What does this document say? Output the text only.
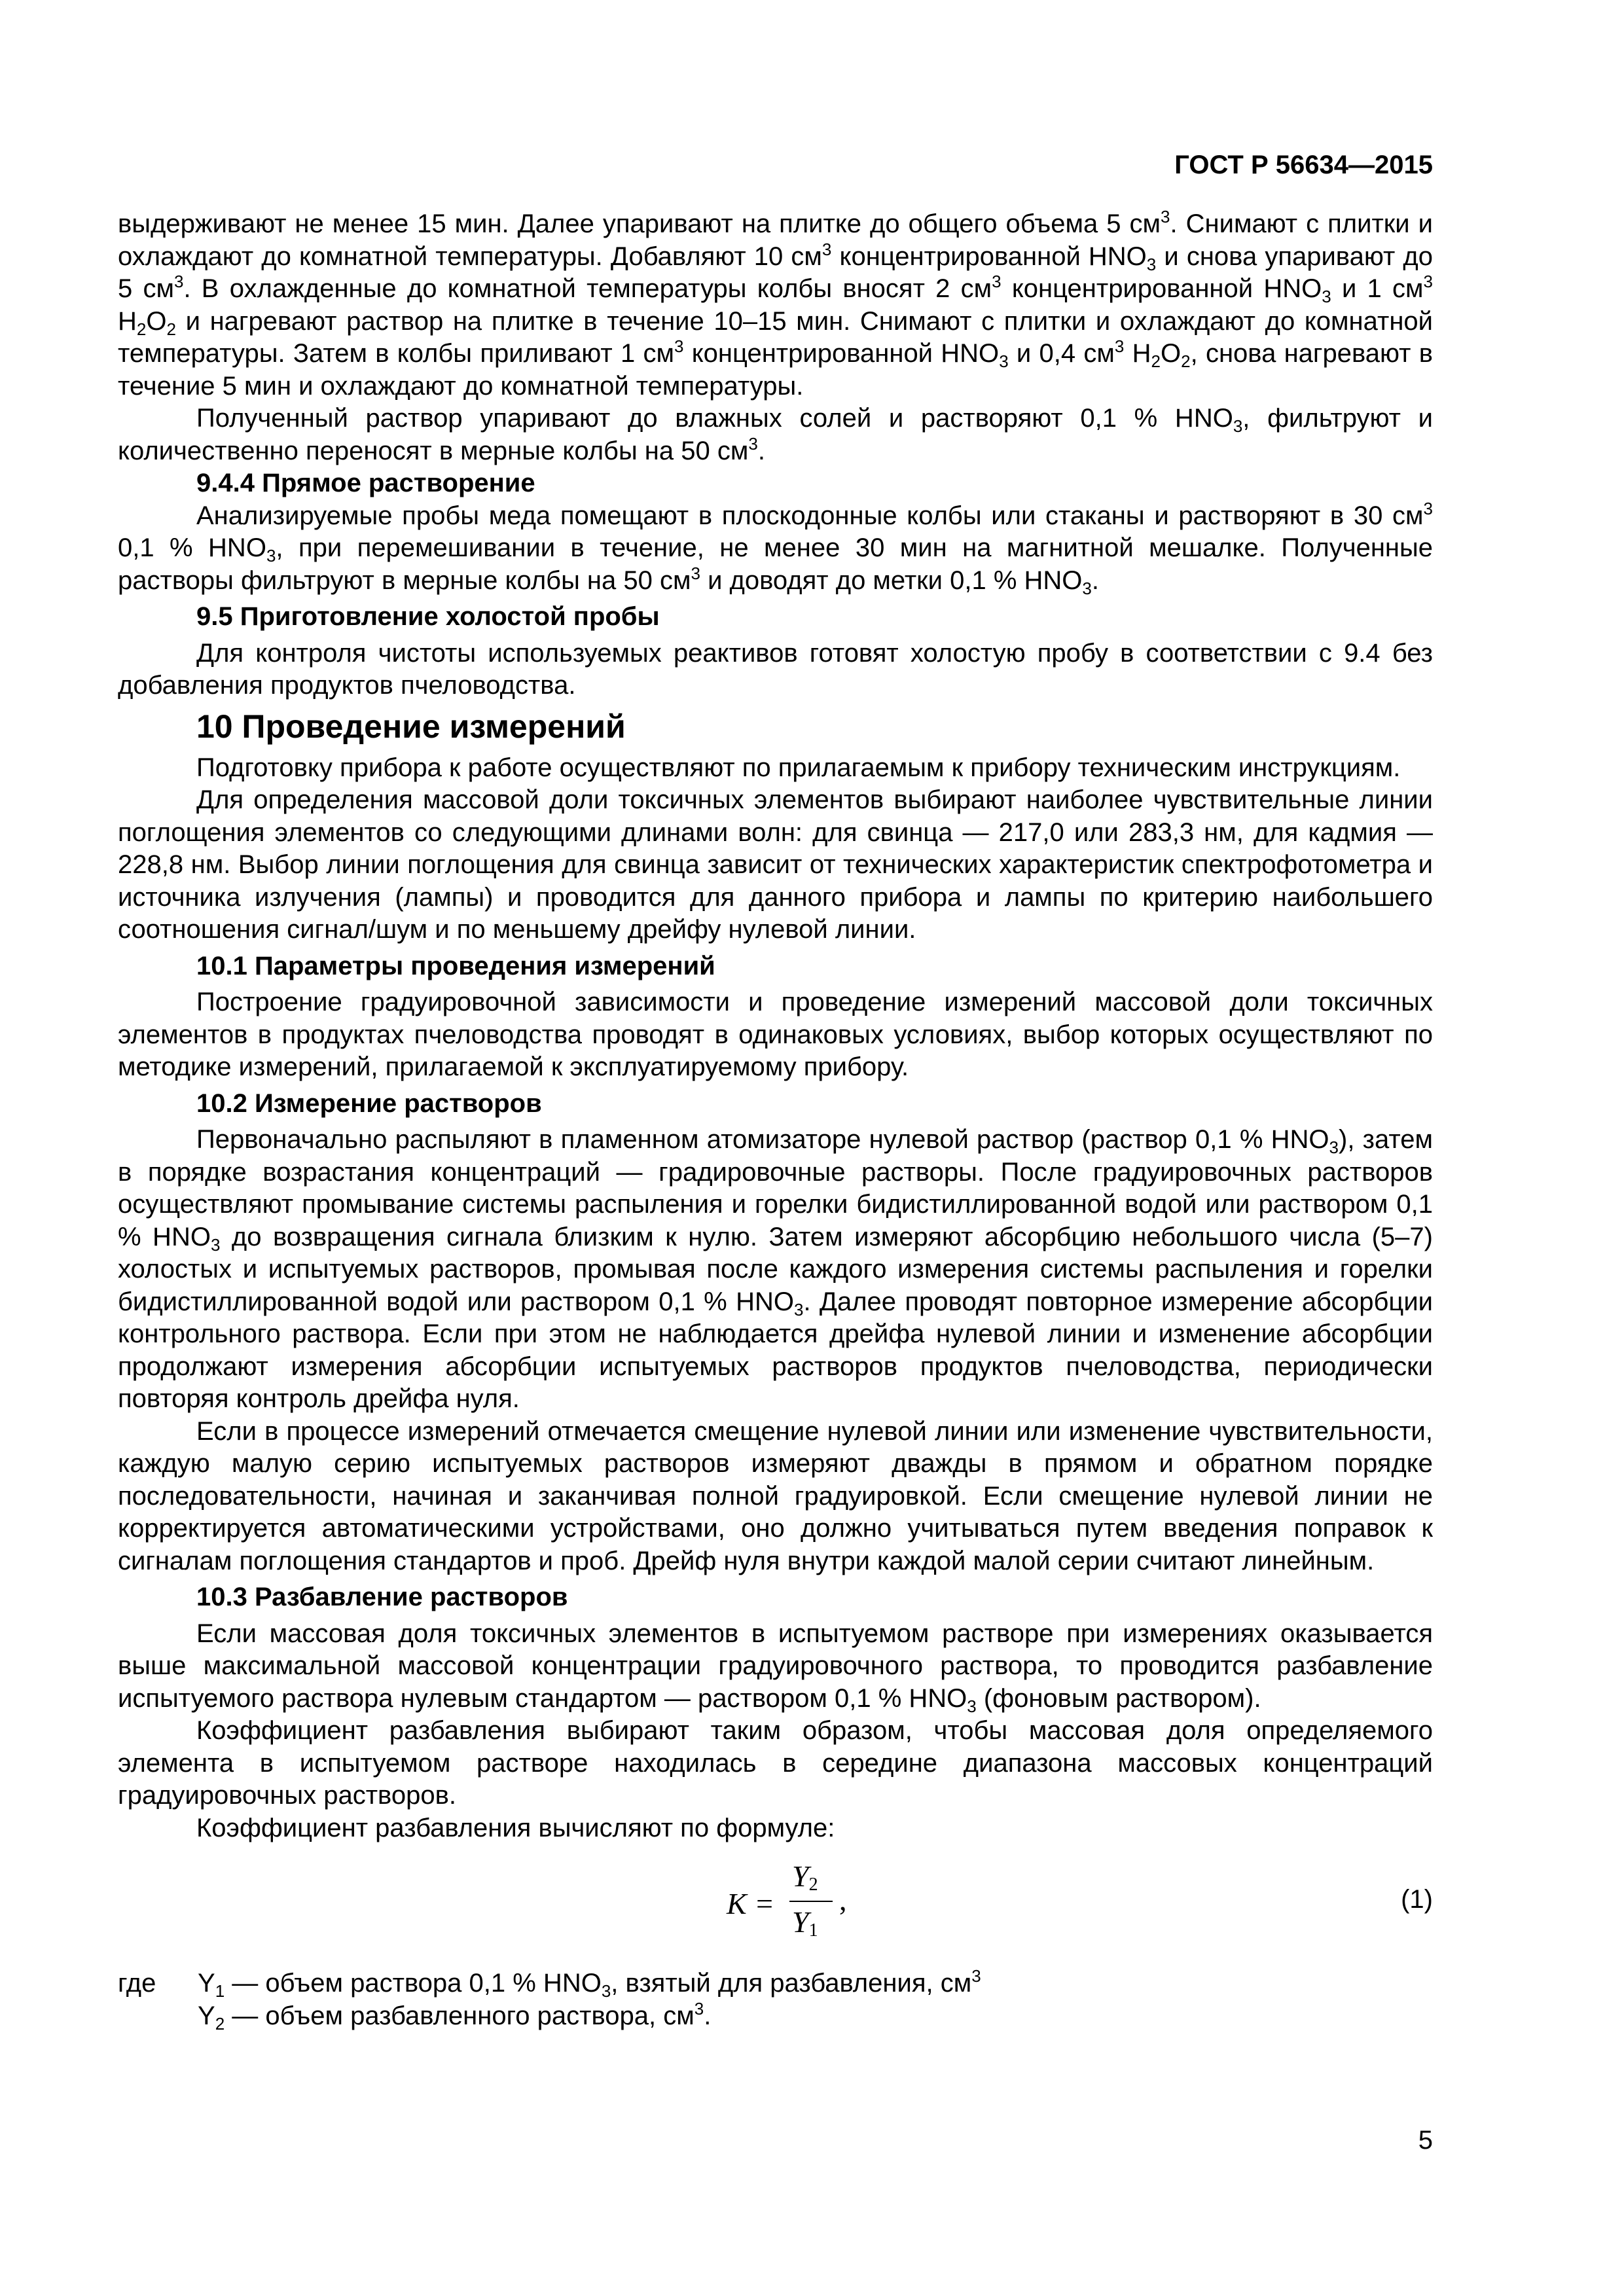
ГОСТ Р 56634—2015

выдерживают не менее 15 мин. Далее упаривают на плитке до общего объема 5 $см^3$. Снимают с плитки и охлаждают до комнатной температуры. Добавляют 10 $см^3$ концентрированной $HNO_3$ и снова упаривают до 5 $см^3$. В охлажденные до комнатной температуры колбы вносят 2 $см^3$ концентрированной $HNO_3$ и 1 $см^3$ $H_2O_2$ и нагревают раствор на плитке в течение 10–15 мин. Снимают с плитки и охлаждают до комнатной температуры. Затем в колбы приливают 1 $см^3$ концентрированной $HNO_3$ и 0,4 $см^3$ $H_2O_2$, снова нагревают в течение 5 мин и охлаждают до комнатной температуры.

Полученный раствор упаривают до влажных солей и растворяют 0,1 % $HNO_3$, фильтруют и количественно переносят в мерные колбы на 50 $см^3$.

9.4.4 Прямое растворение

Анализируемые пробы меда помещают в плоскодонные колбы или стаканы и растворяют в 30 $см^3$ 0,1 % $HNO_3$, при перемешивании в течение, не менее 30 мин на магнитной мешалке. Полученные растворы фильтруют в мерные колбы на 50 $см^3$ и доводят до метки 0,1 % $HNO_3$.

9.5 Приготовление холостой пробы

Для контроля чистоты используемых реактивов готовят холостую пробу в соответствии с 9.4 без добавления продуктов пчеловодства.

10 Проведение измерений

Подготовку прибора к работе осуществляют по прилагаемым к прибору техническим инструкциям.

Для определения массовой доли токсичных элементов выбирают наиболее чувствительные линии поглощения элементов со следующими длинами волн: для свинца — 217,0 или 283,3 нм, для кадмия — 228,8 нм. Выбор линии поглощения для свинца зависит от технических характеристик спектрофотометра и источника излучения (лампы) и проводится для данного прибора и лампы по критерию наибольшего соотношения сигнал/шум и по меньшему дрейфу нулевой линии.

10.1 Параметры проведения измерений

Построение градуировочной зависимости и проведение измерений массовой доли токсичных элементов в продуктах пчеловодства проводят в одинаковых условиях, выбор которых осуществляют по методике измерений, прилагаемой к эксплуатируемому прибору.

10.2 Измерение растворов

Первоначально распыляют в пламенном атомизаторе нулевой раствор (раствор 0,1 % $HNO_3$), затем в порядке возрастания концентраций — градировочные растворы. После градуировочных растворов осуществляют промывание системы распыления и горелки бидистиллированной водой или раствором 0,1 % $HNO_3$ до возвращения сигнала близким к нулю. Затем измеряют абсорбцию небольшого числа (5–7) холостых и испытуемых растворов, промывая после каждого измерения системы распыления и горелки бидистиллированной водой или раствором 0,1 % $HNO_3$. Далее проводят повторное измерение абсорбции контрольного раствора. Если при этом не наблюдается дрейфа нулевой линии и изменение абсорбции продолжают измерения абсорбции испытуемых растворов продуктов пчеловодства, периодически повторяя контроль дрейфа нуля.

Если в процессе измерений отмечается смещение нулевой линии или изменение чувствительности, каждую малую серию испытуемых растворов измеряют дважды в прямом и обратном порядке последовательности, начиная и заканчивая полной градуировкой. Если смещение нулевой линии не корректируется автоматическими устройствами, оно должно учитываться путем введения поправок к сигналам поглощения стандартов и проб. Дрейф нуля внутри каждой малой серии считают линейным.

10.3 Разбавление растворов

Если массовая доля токсичных элементов в испытуемом растворе при измерениях оказывается выше максимальной массовой концентрации градуировочного раствора, то проводится разбавление испытуемого раствора нулевым стандартом — раствором 0,1 % $HNO_3$ (фоновым раствором).

Коэффициент разбавления выбирают таким образом, чтобы массовая доля определяемого элемента в испытуемом растворе находилась в середине диапазона массовых концентраций градуировочных растворов.

Коэффициент разбавления вычисляют по формуле:

K =
$Y_2$
$Y_1$
,	(1)
где $Y_1$ — объем раствора 0,1 % $HNO_3$, взятый для разбавления, $см^3$
$Y_2$ — объем разбавленного раствора, $см^3$.
5
